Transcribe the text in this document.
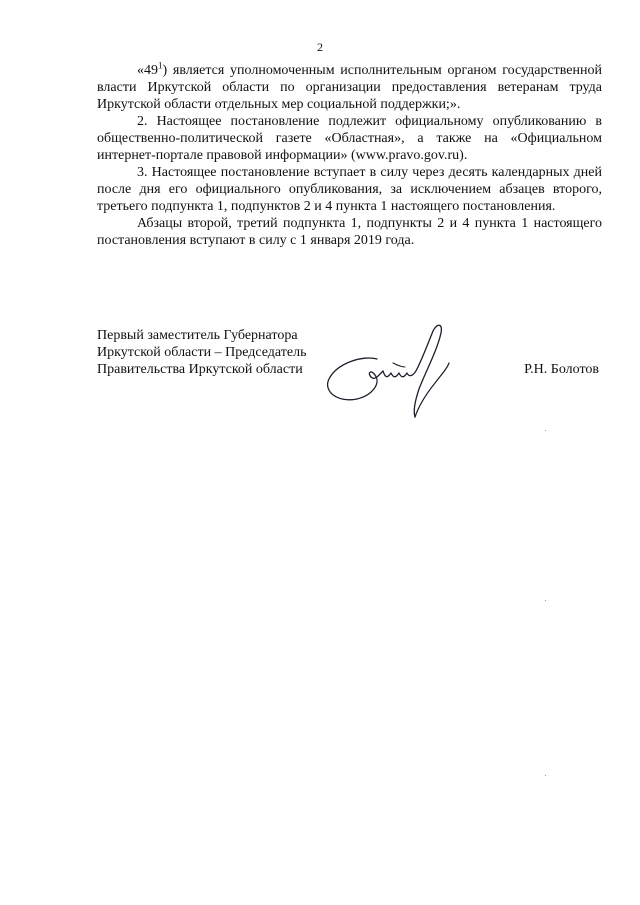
2

«$49^1$) является уполномоченным исполнительным органом государственной власти Иркутской области по организации предоставления ветеранам труда Иркутской области отдельных мер социальной поддержки;».

2. Настоящее постановление подлежит официальному опубликованию в общественно-политической газете «Областная», а также на «Официальном интернет-портале правовой информации» (www.pravo.gov.ru).

3. Настоящее постановление вступает в силу через десять календарных дней после дня его официального опубликования, за исключением абзацев второго, третьего подпункта 1, подпунктов 2 и 4 пункта 1 настоящего постановления.

Абзацы второй, третий подпункта 1, подпункты 2 и 4 пункта 1 настоящего постановления вступают в силу с 1 января 2019 года.

Первый заместитель Губернатора
Иркутской области – Председатель
Правительства Иркутской области	Р.Н. Болотов
